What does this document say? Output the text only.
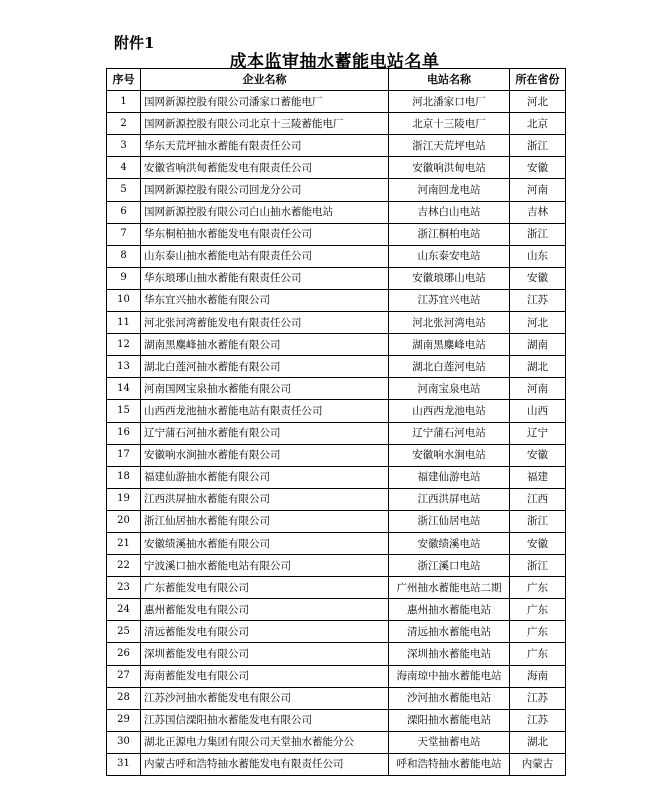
附件1
成本监审抽水蓄能电站名单
序号	企业名称	电站名称	所在省份
1	国网新源控股有限公司潘家口蓄能电厂	河北潘家口电厂	河北
2	国网新源控股有限公司北京十三陵蓄能电厂	北京十三陵电厂	北京
3	华东天荒坪抽水蓄能有限责任公司	浙江天荒坪电站	浙江
4	安徽省响洪甸蓄能发电有限责任公司	安徽响洪甸电站	安徽
5	国网新源控股有限公司回龙分公司	河南回龙电站	河南
6	国网新源控股有限公司白山抽水蓄能电站	吉林白山电站	吉林
7	华东桐柏抽水蓄能发电有限责任公司	浙江桐柏电站	浙江
8	山东泰山抽水蓄能电站有限责任公司	山东泰安电站	山东
9	华东琅琊山抽水蓄能有限责任公司	安徽琅琊山电站	安徽
10	华东宜兴抽水蓄能有限公司	江苏宜兴电站	江苏
11	河北张河湾蓄能发电有限责任公司	河北张河湾电站	河北
12	湖南黑麋峰抽水蓄能有限公司	湖南黑麋峰电站	湖南
13	湖北白莲河抽水蓄能有限公司	湖北白莲河电站	湖北
14	河南国网宝泉抽水蓄能有限公司	河南宝泉电站	河南
15	山西西龙池抽水蓄能电站有限责任公司	山西西龙池电站	山西
16	辽宁蒲石河抽水蓄能有限公司	辽宁蒲石河电站	辽宁
17	安徽响水涧抽水蓄能有限公司	安徽响水涧电站	安徽
18	福建仙游抽水蓄能有限公司	福建仙游电站	福建
19	江西洪屏抽水蓄能有限公司	江西洪屏电站	江西
20	浙江仙居抽水蓄能有限公司	浙江仙居电站	浙江
21	安徽绩溪抽水蓄能有限公司	安徽绩溪电站	安徽
22	宁波溪口抽水蓄能电站有限公司	浙江溪口电站	浙江
23	广东蓄能发电有限公司	广州抽水蓄能电站二期	广东
24	惠州蓄能发电有限公司	惠州抽水蓄能电站	广东
25	清远蓄能发电有限公司	清远抽水蓄能电站	广东
26	深圳蓄能发电有限公司	深圳抽水蓄能电站	广东
27	海南蓄能发电有限公司	海南琼中抽水蓄能电站	海南
28	江苏沙河抽水蓄能发电有限公司	沙河抽水蓄能电站	江苏
29	江苏国信溧阳抽水蓄能发电有限公司	溧阳抽水蓄能电站	江苏
30	湖北正源电力集团有限公司天堂抽水蓄能分公	天堂抽蓄电站	湖北
31	内蒙古呼和浩特抽水蓄能发电有限责任公司	呼和浩特抽水蓄能电站	内蒙古
